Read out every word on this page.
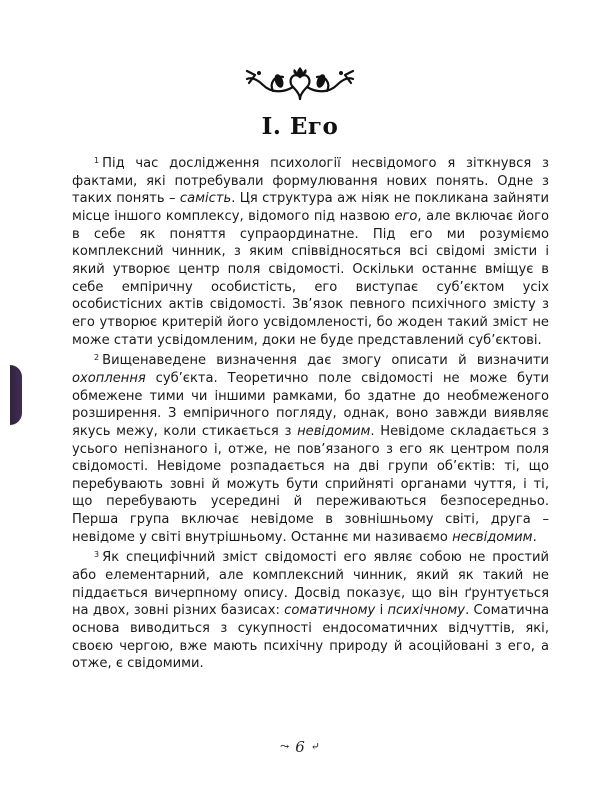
I. Его

$^1$ Під час дослідження психології несвідомого я зіткнувся з фактами, які потребували формулювання нових понять. Одне з таких понять – самість. Ця структура аж ніяк не покликана зайняти місце іншого комплексу, відомого під назвою его, але включає його в себе як поняття супраординатне. Під его ми розуміємо комплексний чинник, з яким співвідносяться всі свідомі змісти і який утворює центр поля свідомості. Оскільки останнє вміщує в себе емпіричну особистість, его виступає суб’єктом усіх особистісних актів свідомості. Зв’язок певного психічного змісту з его утворює критерій його усвідомленості, бо жоден такий зміст не може стати усвідомленим, доки не буде представлений суб’єктові.

$^2$ Вищенаведене визначення дає змогу описати й визначити охоплення суб’єкта. Теоретично поле свідомості не може бути обмежене тими чи іншими рамками, бо здатне до необмеженого розширення. З емпіричного погляду, однак, воно завжди виявляє якусь межу, коли стикається з невідомим. Невідоме складається з усього непізнаного і, отже, не пов’язаного з его як центром поля свідомості. Невідоме розпадається на дві групи об’єктів: ті, що перебувають зовні й можуть бути сприйняті органами чуття, і ті, що перебувають усередині й переживаються безпосередньо. Перша група включає невідоме в зовнішньому світі, друга – невідоме у світі внутрішньому. Останнє ми називаємо несвідомим.

$^3$ Як специфічний зміст свідомості его являє собою не простий або елементарний, але комплексний чинник, який як такий не піддається вичерпному опису. Досвід показує, що він ґрунтується на двох, зовні різних базисах: соматичному і психічному. Соматична основа виводиться з сукупності ендосоматичних відчуттів, які, своєю чергою, вже мають психічну природу й асоційовані з его, а отже, є свідомими.

⤳ 6 ⤶
